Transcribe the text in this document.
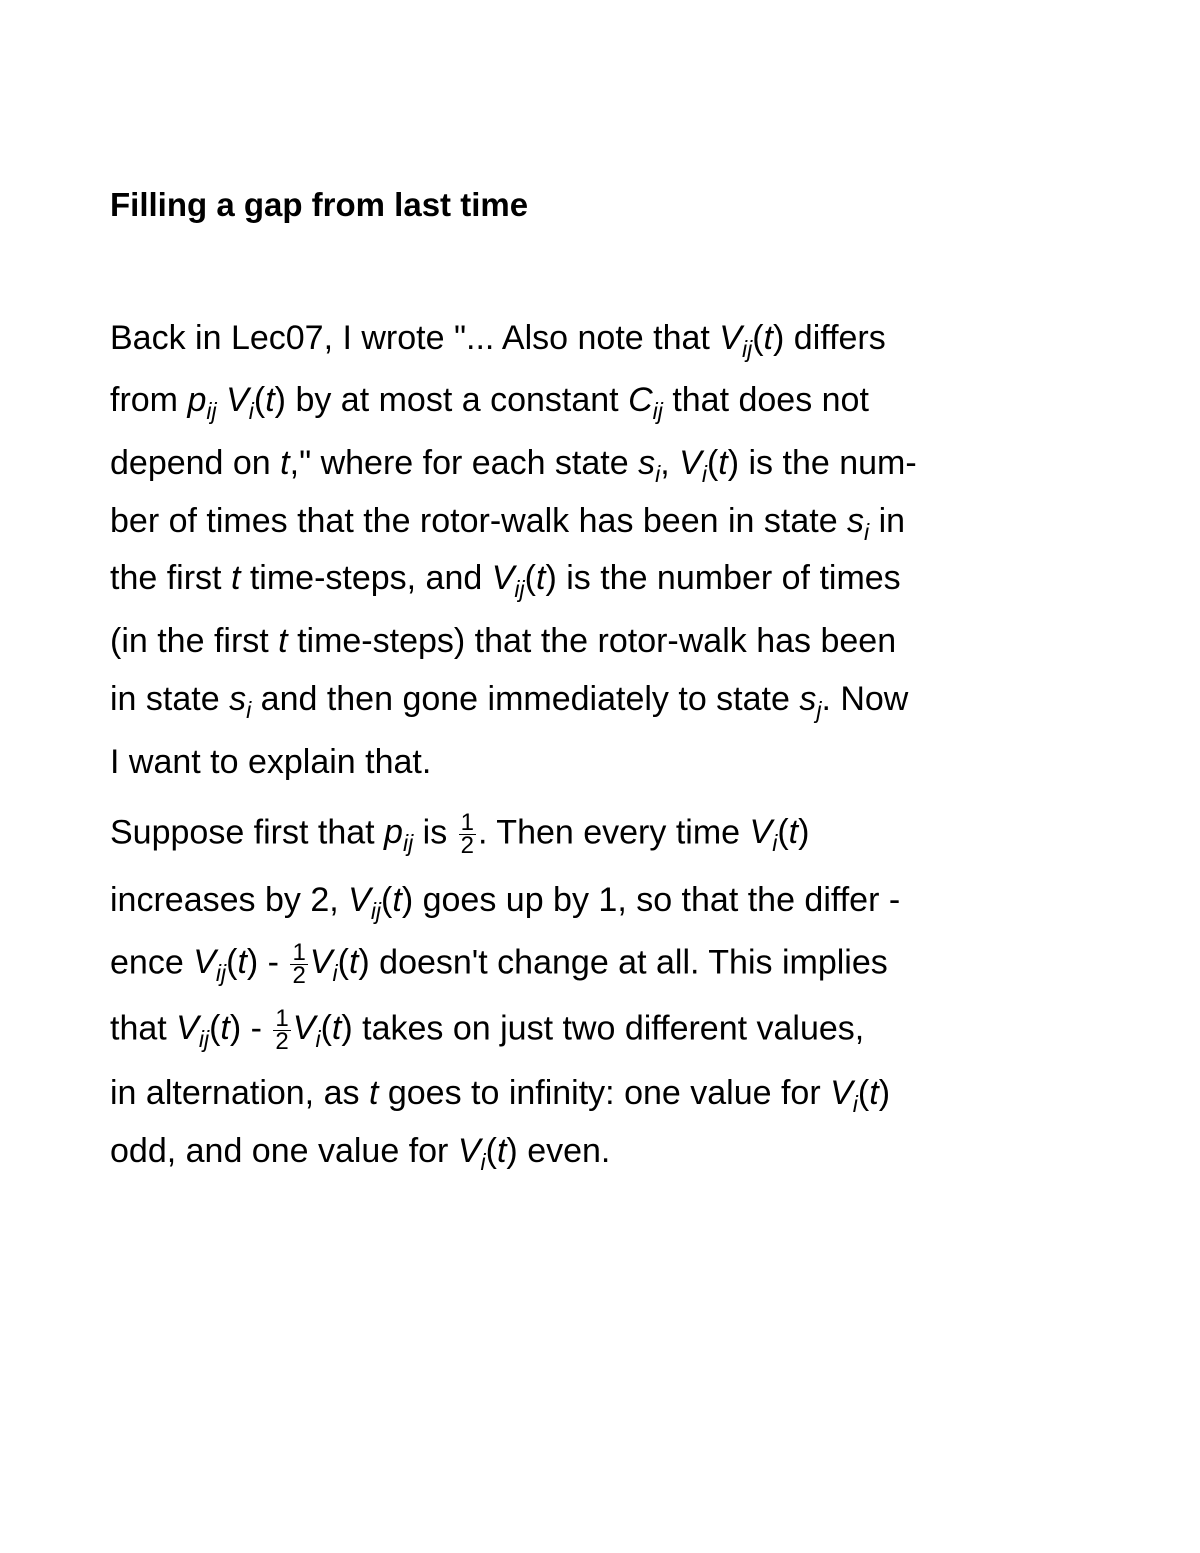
Filling a gap from last time
Back in Lec07, I wrote "... Also note that $V_{ij}(t)$ differs
from $p_{ij}$ $V_i(t)$ by at most a constant $C_{ij}$ that does not
depend on t," where for each state $s_i$, $V_i(t)$ is the num-
ber of times that the rotor-walk has been in state $s_i$ in
the first t time-steps, and $V_{ij}(t)$ is the number of times
(in the first t time-steps) that the rotor-walk has been
in state $s_i$ and then gone immediately to state $s_j$. Now
I want to explain that.
Suppose first that $p_{ij}$ is $\frac{1}{2}$ . Then every time $V_i(t)$
increases by 2, $V_{ij}(t)$ goes up by 1, so that the differ -
ence $V_{ij}(t) - \frac{1}{2} V_i(t)$ doesn't change at all. This implies
that $V_{ij}(t) - \frac{1}{2} V_i(t)$ takes on just two different values,
in alternation, as t goes to infinity: one value for $V_i(t)$
odd, and one value for $V_i(t)$ even.
